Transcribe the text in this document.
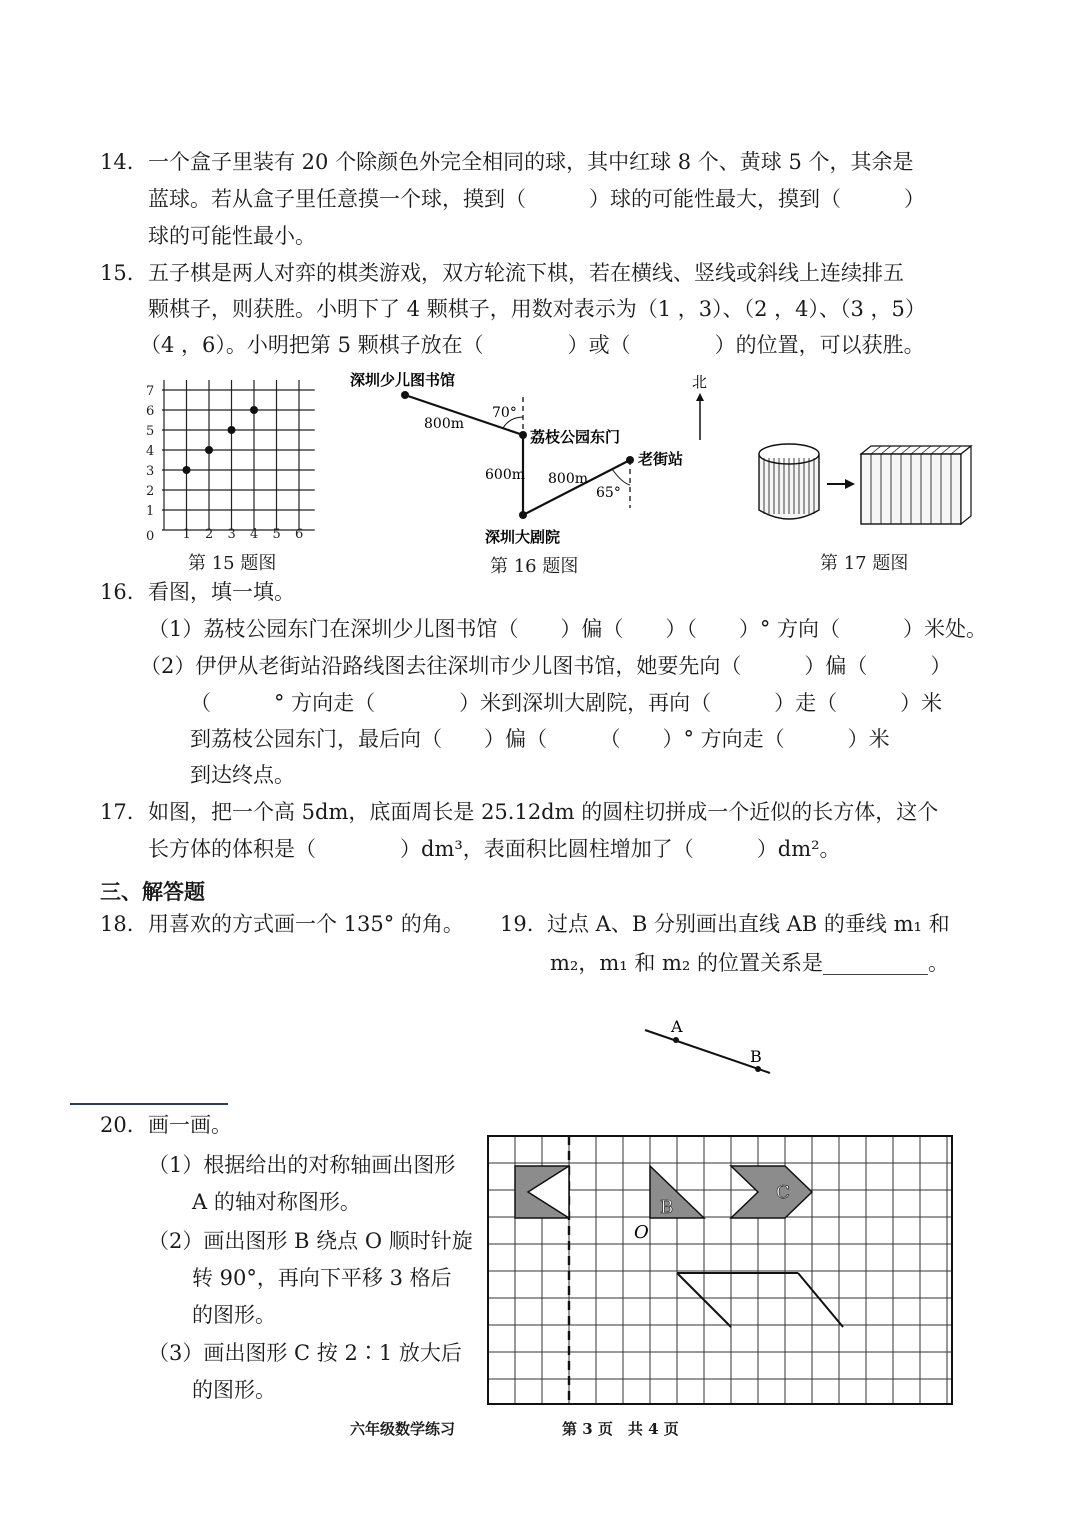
14. 一个盒子里装有 20 个除颜色外完全相同的球，其中红球 8 个、黄球 5 个，其余是
蓝球。若从盒子里任意摸一个球，摸到（　　　）球的可能性最大，摸到（　　　）
球的可能性最小。
15. 五子棋是两人对弈的棋类游戏，双方轮流下棋，若在横线、竖线或斜线上连续排五
颗棋子，则获胜。小明下了 4 颗棋子，用数对表示为（1 ，3）、（2 ，4）、（3 ，5）
（4 ，6）。小明把第 5 颗棋子放在（　　　　）或（　　　　）的位置，可以获胜。
7
6
5
4
3
2
1
1 2 3 4 5 6
0
第 15 题图
深圳少儿图书馆
荔枝公园东门
老街站
深圳大剧院
800m
600m 800m
70°
65°
北
第 16 题图	第 17 题图
16. 看图，填一填。
（1）荔枝公园东门在深圳少儿图书馆（　　）偏（　　）（　　）° 方向（　　　）米处。
（2）伊伊从老街站沿路线图去往深圳市少儿图书馆，她要先向（　　　）偏（　　　）
（　　　° 方向走（　　　　）米到深圳大剧院，再向（　　　）走（　　　）米
到荔枝公园东门，最后向（　　）偏（　　　（　　）° 方向走（　　　）米
到达终点。
17. 如图，把一个高 5dm，底面周长是 25.12dm 的圆柱切拼成一个近似的长方体，这个
长方体的体积是（　　　　）dm³，表面积比圆柱增加了（　　　）dm²。
三、解答题
18. 用喜欢的方式画一个 135° 的角。 19. 过点 A、B 分别画出直线 AB 的垂线 m₁ 和
m₂，m₁ 和 m₂ 的位置关系是__________。
A
B
20. 画一画。
（1）根据给出的对称轴画出图形
A 的轴对称图形。
（2）画出图形 B 绕点 O 顺时针旋
转 90°，再向下平移 3 格后
的图形。
（3）画出图形 C 按 2∶1 放大后
的图形。
B
C
O
六年级数学练习	第 3 页　共 4 页
